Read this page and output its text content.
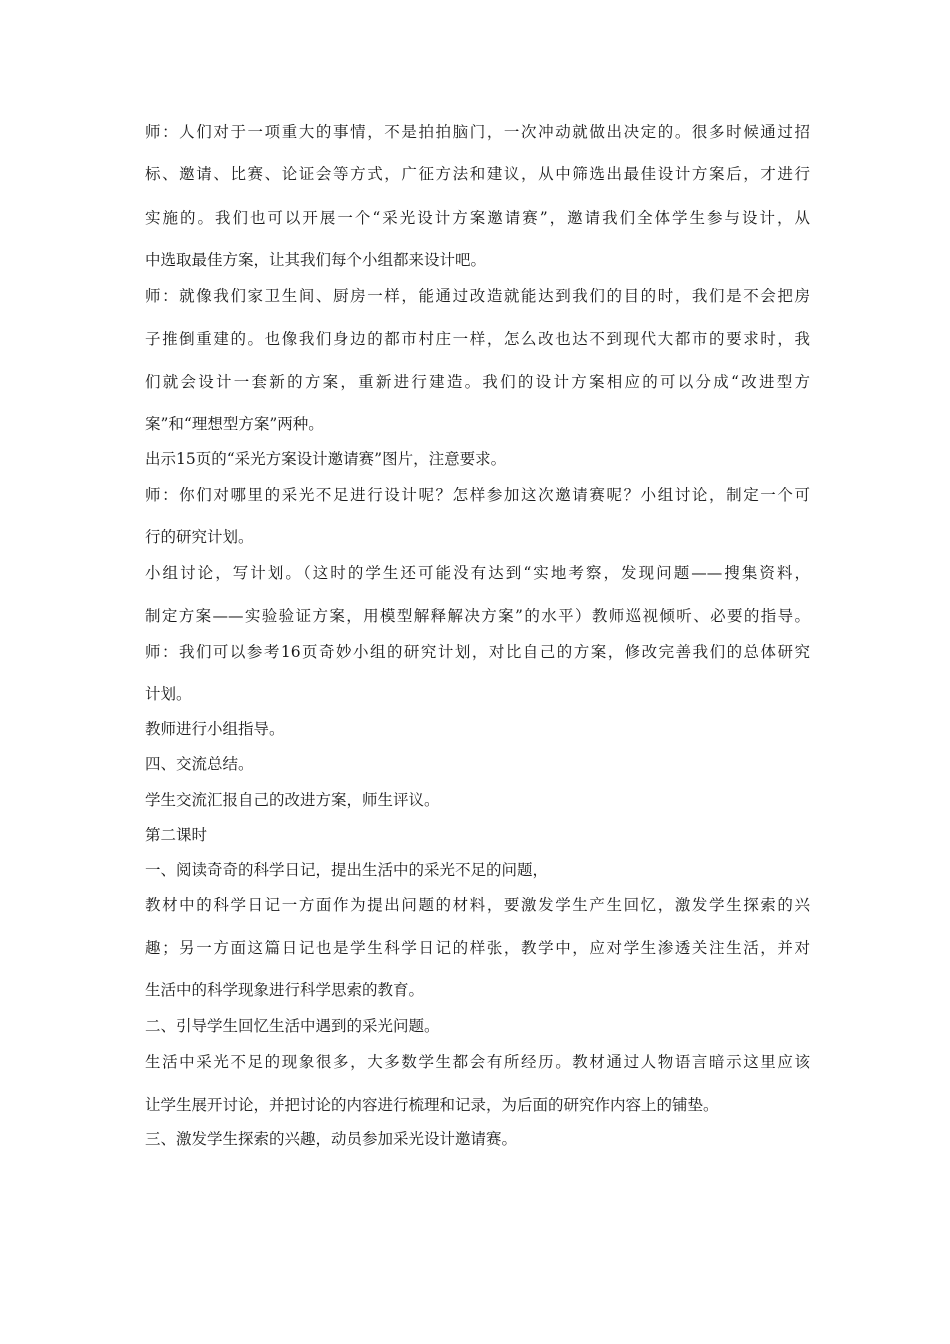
师：人们对于一项重大的事情，不是拍拍脑门，一次冲动就做出决定的。很多时候通过招
标、邀请、比赛、论证会等方式，广征方法和建议，从中筛选出最佳设计方案后，才进行
实施的。我们也可以开展一个“采光设计方案邀请赛”，邀请我们全体学生参与设计，从
中选取最佳方案，让其我们每个小组都来设计吧。
师：就像我们家卫生间、厨房一样，能通过改造就能达到我们的目的时，我们是不会把房
子推倒重建的。也像我们身边的都市村庄一样，怎么改也达不到现代大都市的要求时，我
们就会设计一套新的方案，重新进行建造。我们的设计方案相应的可以分成“改进型方
案”和“理想型方案”两种。
出示15页的“采光方案设计邀请赛”图片，注意要求。
师：你们对哪里的采光不足进行设计呢？怎样参加这次邀请赛呢？小组讨论，制定一个可
行的研究计划。
小组讨论，写计划。（这时的学生还可能没有达到“实地考察，发现问题——搜集资料，
制定方案——实验验证方案，用模型解释解决方案”的水平）教师巡视倾听、必要的指导。
师：我们可以参考16页奇妙小组的研究计划，对比自己的方案，修改完善我们的总体研究
计划。
教师进行小组指导。
四、交流总结。
学生交流汇报自己的改进方案，师生评议。
第二课时
一、阅读奇奇的科学日记，提出生活中的采光不足的问题，
教材中的科学日记一方面作为提出问题的材料，要激发学生产生回忆，激发学生探索的兴
趣；另一方面这篇日记也是学生科学日记的样张，教学中，应对学生渗透关注生活，并对
生活中的科学现象进行科学思索的教育。
二、引导学生回忆生活中遇到的采光问题。
生活中采光不足的现象很多，大多数学生都会有所经历。教材通过人物语言暗示这里应该
让学生展开讨论，并把讨论的内容进行梳理和记录，为后面的研究作内容上的铺垫。
三、激发学生探索的兴趣，动员参加采光设计邀请赛。
